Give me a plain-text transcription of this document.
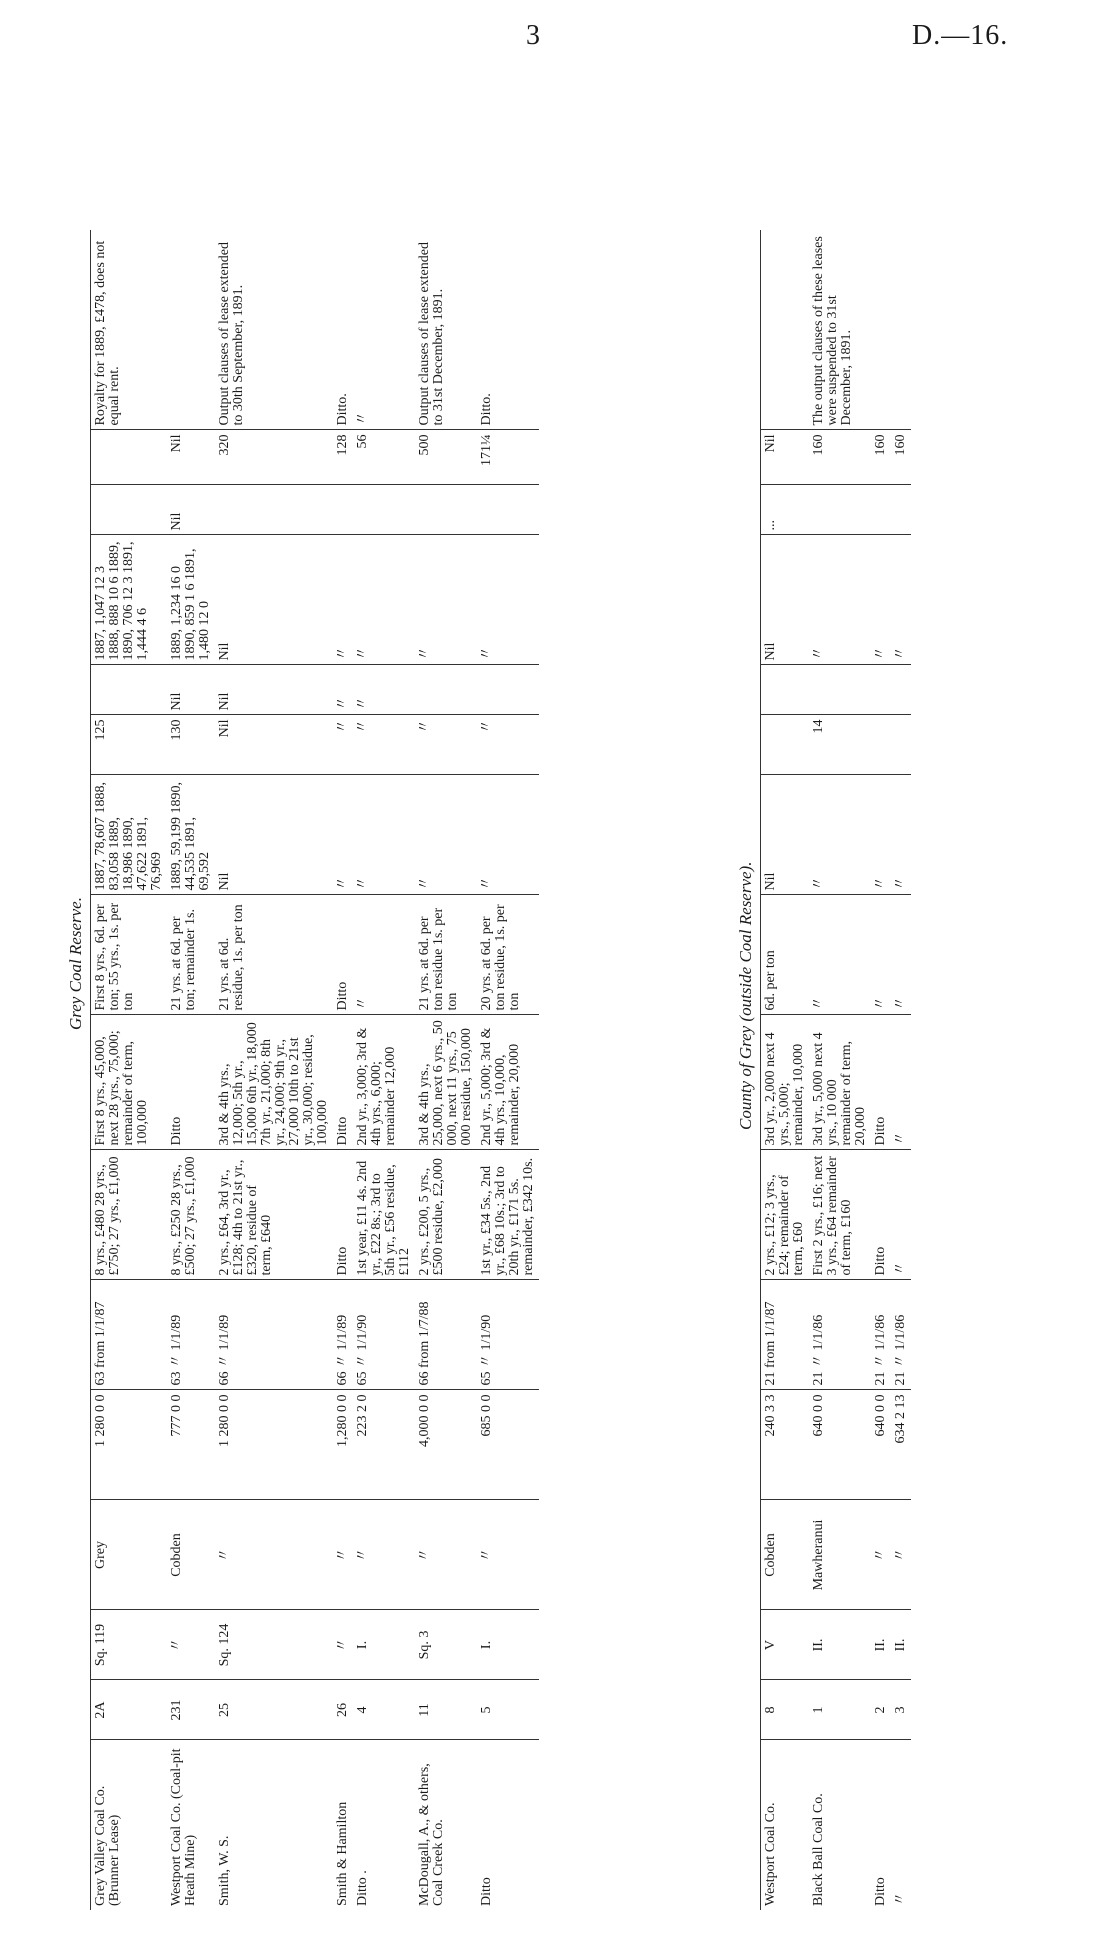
3	D.—16.
Grey Coal Reserve.
Grey Valley Coal Co. (Brunner Lease)	2A	Sq. 119	Grey	1 280 0 0	63 from 1/1/87	8 yrs., £480 28 yrs., £750; 27 yrs., £1,000	First 8 yrs., 45,000, next 28 yrs., 75,000; remainder of term, 100,000	First 8 yrs., 6d. per ton; 55 yrs., 1s. per ton	1887, 78,607 1888, 83,058 1889, 18,986 1890, 47,622 1891, 76,969	125		1887, 1,047 12 3 1888, 888 10 6 1889, 1890, 706 12 3 1891, 1,444 4 6			Royalty for 1889, £478, does not equal rent.
Westport Coal Co. (Coal-pit Heath Mine)	231	〃	Cobden	777 0 0	63 〃 1/1/89	8 yrs., £250 28 yrs., £500; 27 yrs., £1,000	Ditto	21 yrs. at 6d. per ton; remainder 1s.	1889, 59,199 1890, 44,535 1891, 69,592	130	Nil	1889, 1,234 16 0 1890, 859 1 6 1891, 1,480 12 0	Nil	Nil	
Smith, W. S.	25	Sq. 124	〃	1 280 0 0	66 〃 1/1/89	2 yrs., £64, 3rd yr., £128; 4th to 21st yr., £320, residue of term, £640	3rd & 4th yrs., 12,000; 5th yr., 15,000 6th yr., 18,000 7th yr., 21,000; 8th yr., 24,000; 9th yr., 27,000 10th to 21st yr., 30,000; residue, 100,000	21 yrs. at 6d. residue, 1s. per ton	Nil	Nil	Nil	Nil		320	Output clauses of lease extended to 30th September, 1891.
Smith & Hamilton	26	〃	〃	1,280 0 0	66 〃 1/1/89	Ditto	Ditto	Ditto	〃	〃	〃	〃		128	Ditto.
Ditto .	4	I.	〃	223 2 0	65 〃 1/1/90	1st year, £11 4s. 2nd yr., £22 8s.; 3rd to 5th yr., £56 residue, £112	2nd yr., 3,000; 3rd & 4th yrs., 6,000; remainder 12,000	〃	〃	〃	〃	〃		56	〃
McDougall, A., & others, Coal Creek Co.	11	Sq. 3	〃	4,000 0 0	66 from 1/7/88	2 yrs., £200, 5 yrs., £500 residue, £2,000	3rd & 4th yrs., 25,000, next 6 yrs., 50 000, next 11 yrs., 75 000 residue, 150,000	21 yrs. at 6d. per ton residue 1s. per ton	〃	〃		〃		500	Output clauses of lease extended to 31st December, 1891.
Ditto	5	I.	〃	685 0 0	65 〃 1/1/90	1st yr., £34 5s., 2nd yr., £68 10s.; 3rd to 20th yr., £171 5s. remainder, £342 10s.	2nd yr., 5,000; 3rd & 4th yrs., 10,000, remainder, 20,000	20 yrs. at 6d. per ton residue, 1s. per ton	〃	〃		〃		171¼	Ditto.
County of Grey (outside Coal Reserve).
Westport Coal Co.	8	V	Cobden	240 3 3	21 from 1/1/87	2 yrs., £12; 3 yrs., £24; remainder of term, £60	3rd yr., 2,000 next 4 yrs., 5,000; remainder, 10,000	6d. per ton	Nil			Nil	...	Nil	
Black Ball Coal Co.	1	II.	Mawheranui	640 0 0	21 〃 1/1/86	First 2 yrs., £16; next 3 yrs., £64 remainder of term, £160	3rd yr., 5,000 next 4 yrs., 10 000 remainder of term, 20,000	〃	〃	14		〃		160	The output clauses of these leases were suspended to 31st December, 1891.
Ditto	2	II.	〃	640 0 0	21 〃 1/1/86	Ditto	Ditto	〃	〃			〃		160	
〃	3	II.	〃	634 2 13	21 〃 1/1/86	〃	〃	〃	〃			〃		160	
